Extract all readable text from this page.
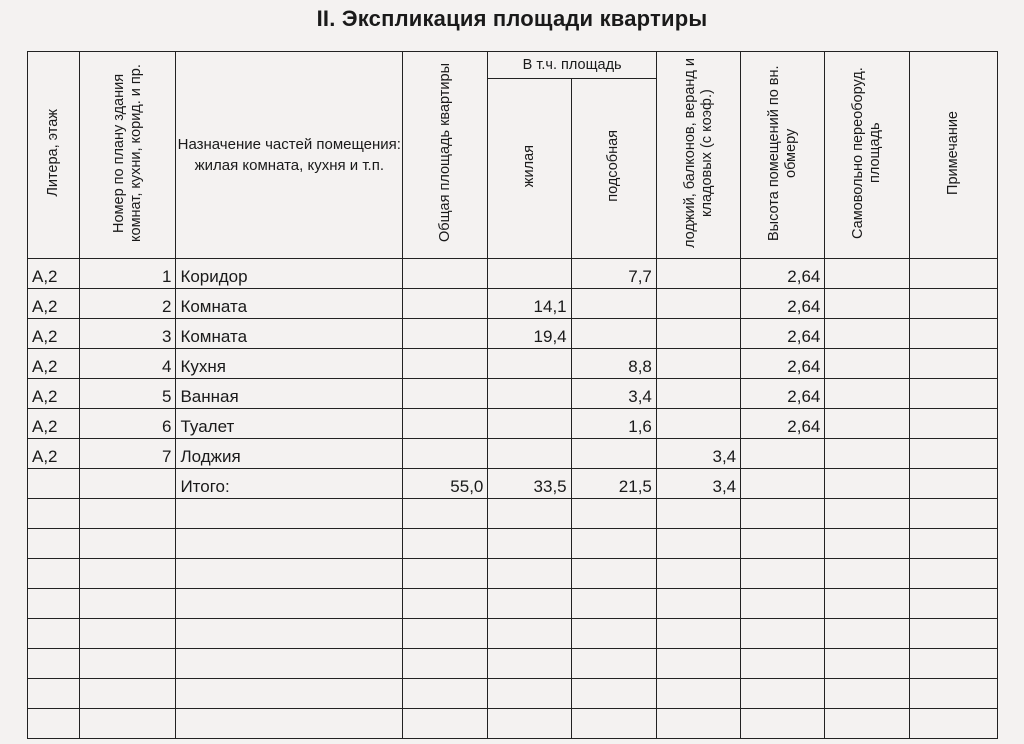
II. Экспликация площади квартиры
Литера, этаж	Номер по плану здания комнат, кухни, корид. и пр.	Назначение частей помещения: жилая комната, кухня и т.п.	Общая площадь квартиры	В т.ч. площадь		лоджий, балконов, веранд и кладовых (с коэф.)	Высота помещений по вн. обмеру	Самовольно переоборуд. площадь	Примечание
				жилая	подсобная				
А,2	1	Коридор			7,7		2,64		
А,2	2	Комната		14,1			2,64		
А,2	3	Комната		19,4			2,64		
А,2	4	Кухня			8,8		2,64		
А,2	5	Ванная			3,4		2,64		
А,2	6	Туалет			1,6		2,64		
А,2	7	Лоджия				3,4			
		Итого:	55,0	33,5	21,5	3,4			
